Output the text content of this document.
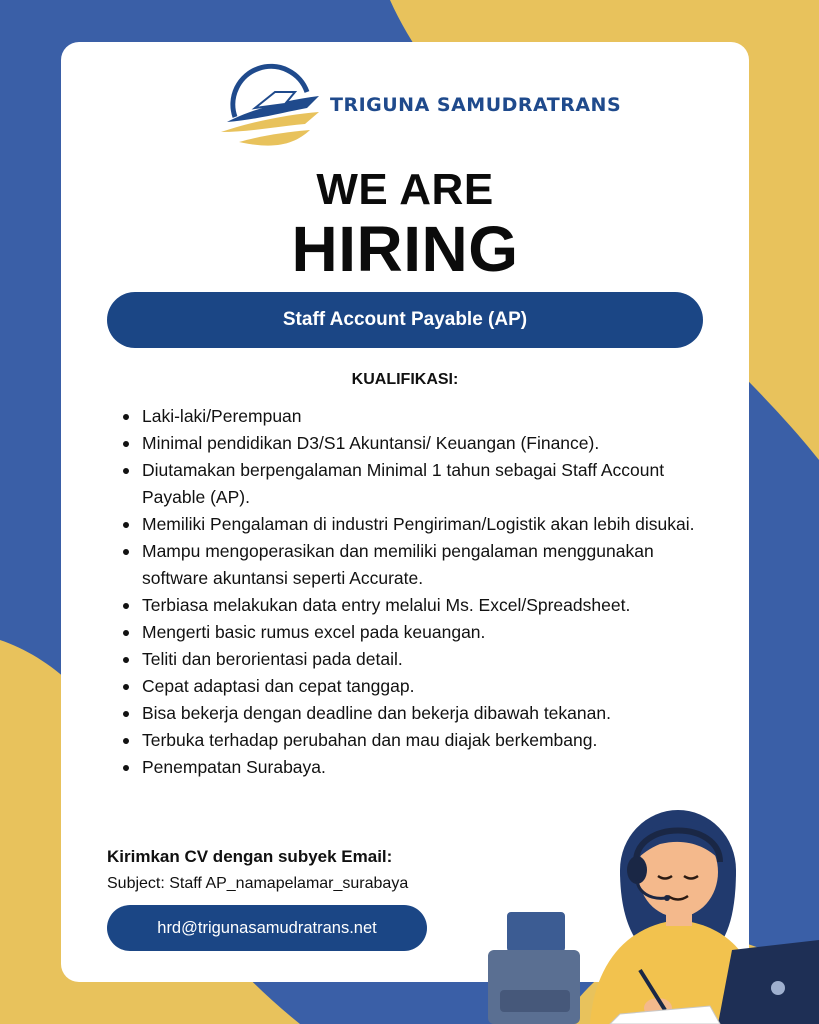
TRIGUNA SAMUDRATRANS
WE ARE
HIRING
Staff Account Payable (AP)
KUALIFIKASI:
Laki-laki/Perempuan
Minimal pendidikan D3/S1 Akuntansi/ Keuangan (Finance).
Diutamakan berpengalaman Minimal 1 tahun sebagai Staff Account Payable (AP).
Memiliki Pengalaman di industri Pengiriman/Logistik akan lebih disukai.
Mampu mengoperasikan dan memiliki pengalaman menggunakan software akuntansi seperti Accurate.
Terbiasa melakukan data entry melalui Ms. Excel/Spreadsheet.
Mengerti basic rumus excel pada keuangan.
Teliti dan berorientasi pada detail.
Cepat adaptasi dan cepat tanggap.
Bisa bekerja dengan deadline dan bekerja dibawah tekanan.
Terbuka terhadap perubahan dan mau diajak berkembang.
Penempatan Surabaya.
Kirimkan CV dengan subyek Email:
Subject: Staff AP_namapelamar_surabaya
hrd@trigunasamudratrans.net
